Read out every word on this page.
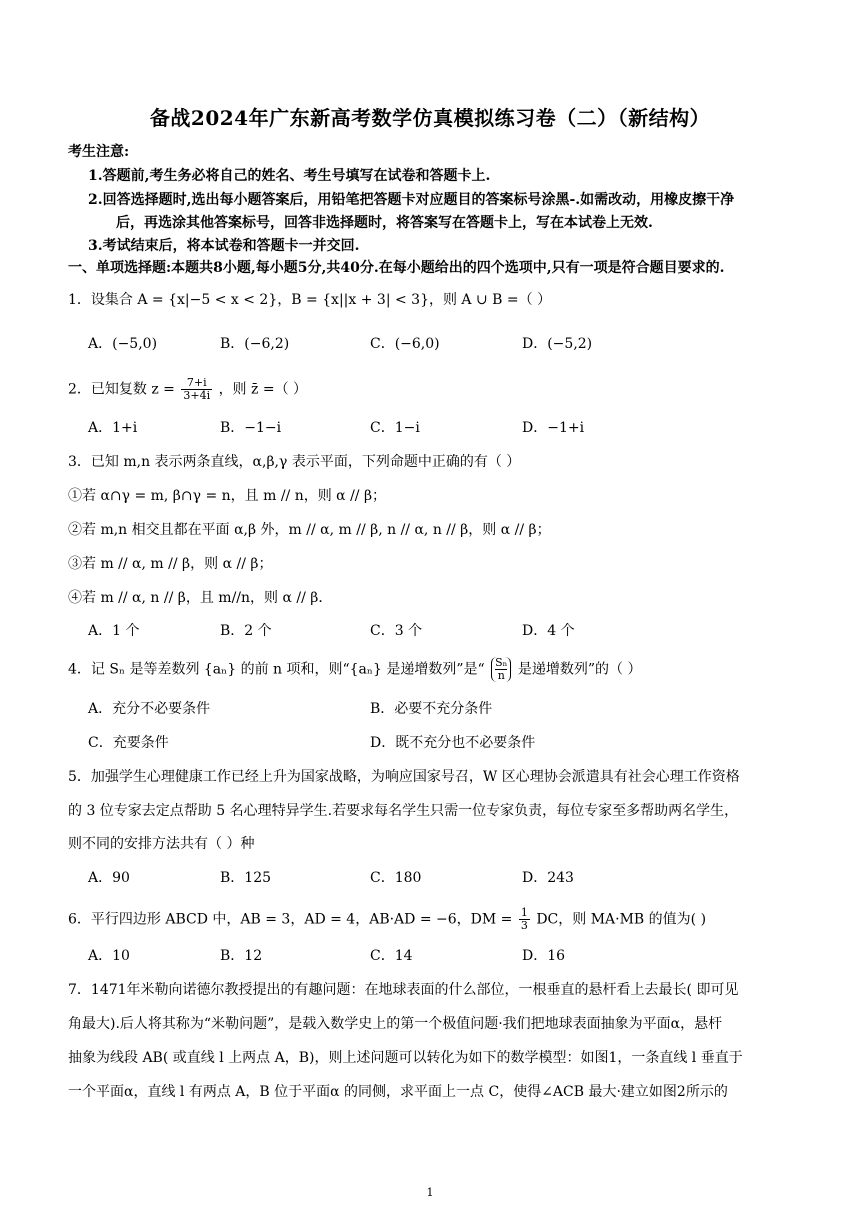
备战2024年广东新高考数学仿真模拟练习卷（二）（新结构）
考生注意:
1.答题前,考生务必将自己的姓名、考生号填写在试卷和答题卡上.
2.回答选择题时,选出每小题答案后，用铅笔把答题卡对应题目的答案标号涂黑-.如需改动，用橡皮擦干净
后，再选涂其他答案标号，回答非选择题时，将答案写在答题卡上，写在本试卷上无效.
3.考试结束后，将本试卷和答题卡一并交回.
一、单项选择题:本题共8小题,每小题5分,共40分.在每小题给出的四个选项中,只有一项是符合题目要求的.
1．设集合 A = {x|−5 < x < 2}，B = {x||x + 3| < 3}，则 A ∪ B =（ ）
A．(−5,0)	B．(−6,2)	C．(−6,0)	D．(−5,2)
2．已知复数 $z = \frac{7+i}{3+4i}$ ，则 z̄ =（ ）
A．1+i	B．−1−i	C．1−i	D．−1+i
3．已知 m,n 表示两条直线，α,β,γ 表示平面，下列命题中正确的有（ ）
①若 α∩γ = m, β∩γ = n，且 m // n，则 α // β；
②若 m,n 相交且都在平面 α,β 外，m // α, m // β, n // α, n // β，则 α // β；
③若 m // α, m // β，则 α // β；
④若 m // α, n // β，且 m//n，则 α // β．
A．1 个	B．2 个	C．3 个	D．4 个
4．记 Sₙ 是等差数列 {aₙ} 的前 n 项和，则“{aₙ} 是递增数列”是“ $\frac{\text{Sₙ}}{n}$ 是递增数列”的（ ）
A．充分不必要条件	B．必要不充分条件
C．充要条件	D．既不充分也不必要条件
5．加强学生心理健康工作已经上升为国家战略，为响应国家号召，W 区心理协会派遣具有社会心理工作资格
的 3 位专家去定点帮助 5 名心理特异学生.若要求每名学生只需一位专家负责，每位专家至多帮助两名学生，
则不同的安排方法共有（ ）种
A．90	B．125	C．180	D．243
6．平行四边形 ABCD 中，AB = 3，AD = 4，AB·AD = −6，DM = $\frac{1}{3}$ DC，则 MA·MB 的值为( )
A．10	B．12	C．14	D．16
7．1471年米勒向诺德尔教授提出的有趣问题：在地球表面的什么部位，一根垂直的悬杆看上去最长( 即可见
角最大).后人将其称为“米勒问题”，是载入数学史上的第一个极值问题·我们把地球表面抽象为平面α，悬杆
抽象为线段 AB( 或直线 l 上两点 A，B)，则上述问题可以转化为如下的数学模型：如图1，一条直线 l 垂直于
一个平面α，直线 l 有两点 A，B 位于平面α 的同侧，求平面上一点 C，使得∠ACB 最大·建立如图2所示的
1
